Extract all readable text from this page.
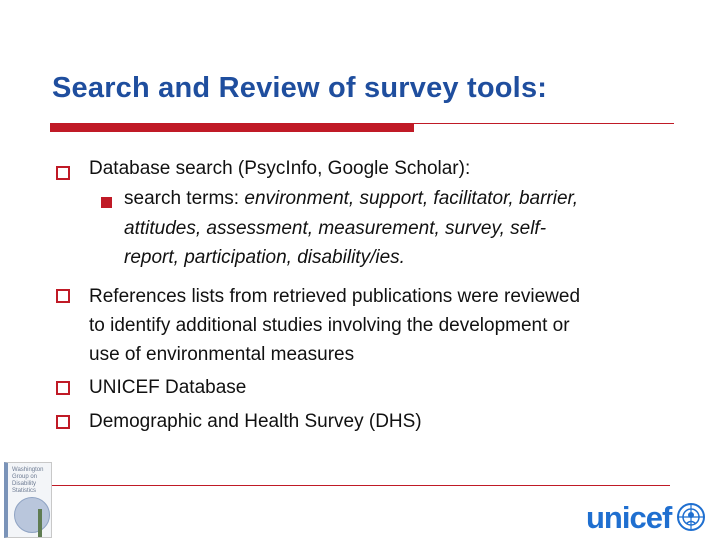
Search and Review of survey tools:
Database search (PsycInfo, Google Scholar):
search terms: environment, support, facilitator, barrier,
attitudes, assessment, measurement, survey, self-
report, participation, disability/ies.
References lists from retrieved publications were reviewed
to identify additional studies involving the development or
use of environmental measures
UNICEF Database
Demographic and Health Survey (DHS)
Washington
Group on
Disability
Statistics
unicef
